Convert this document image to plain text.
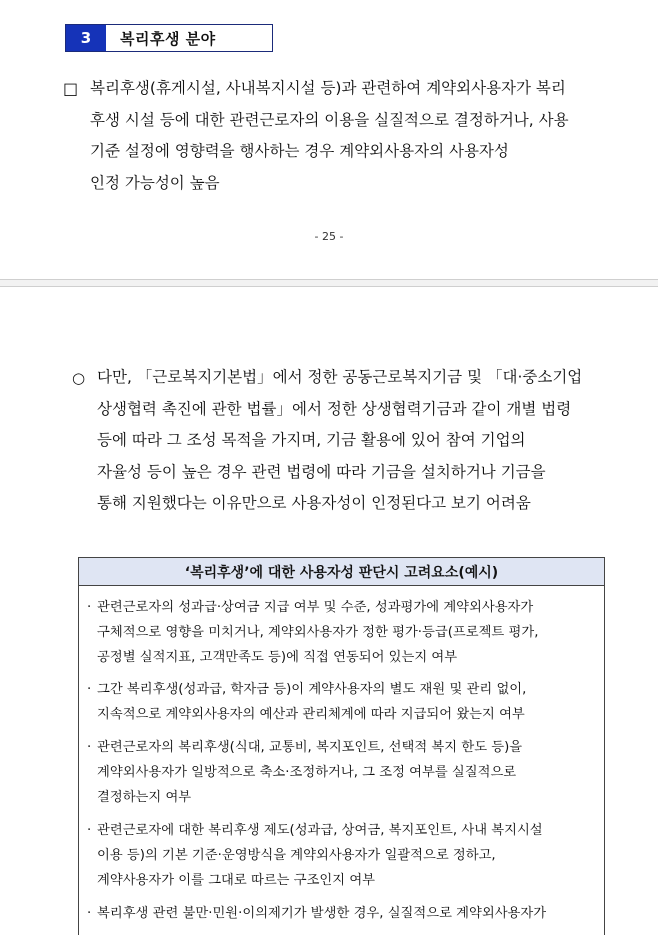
3	복리후생 분야
□ 복리후생(휴게시설, 사내복지시설 등)과 관련하여 계약외사용자가 복리
후생 시설 등에 대한 관련근로자의 이용을 실질적으로 결정하거나, 사용
기준 설정에 영향력을 행사하는 경우 계약외사용자의 사용자성
인정 가능성이 높음
- 25 -
○ 다만, 「근로복지기본법」에서 정한 공동근로복지기금 및 「대·중소기업
상생협력 촉진에 관한 법률」에서 정한 상생협력기금과 같이 개별 법령
등에 따라 그 조성 목적을 가지며, 기금 활용에 있어 참여 기업의
자율성 등이 높은 경우 관련 법령에 따라 기금을 설치하거나 기금을
통해 지원했다는 이유만으로 사용자성이 인정된다고 보기 어려움
‘복리후생’에 대한 사용자성 판단시 고려요소(예시)
· 관련근로자의 성과급·상여금 지급 여부 및 수준, 성과평가에 계약외사용자가
구체적으로 영향을 미치거나, 계약외사용자가 정한 평가·등급(프로젝트 평가,
공정별 실적지표, 고객만족도 등)에 직접 연동되어 있는지 여부
· 그간 복리후생(성과급, 학자금 등)이 계약사용자의 별도 재원 및 관리 없이,
지속적으로 계약외사용자의 예산과 관리체계에 따라 지급되어 왔는지 여부
· 관련근로자의 복리후생(식대, 교통비, 복지포인트, 선택적 복지 한도 등)을
계약외사용자가 일방적으로 축소·조정하거나, 그 조정 여부를 실질적으로
결정하는지 여부
· 관련근로자에 대한 복리후생 제도(성과급, 상여금, 복지포인트, 사내 복지시설
이용 등)의 기본 기준·운영방식을 계약외사용자가 일괄적으로 정하고,
계약사용자가 이를 그대로 따르는 구조인지 여부
· 복리후생 관련 불만·민원·이의제기가 발생한 경우, 실질적으로 계약외사용자가
